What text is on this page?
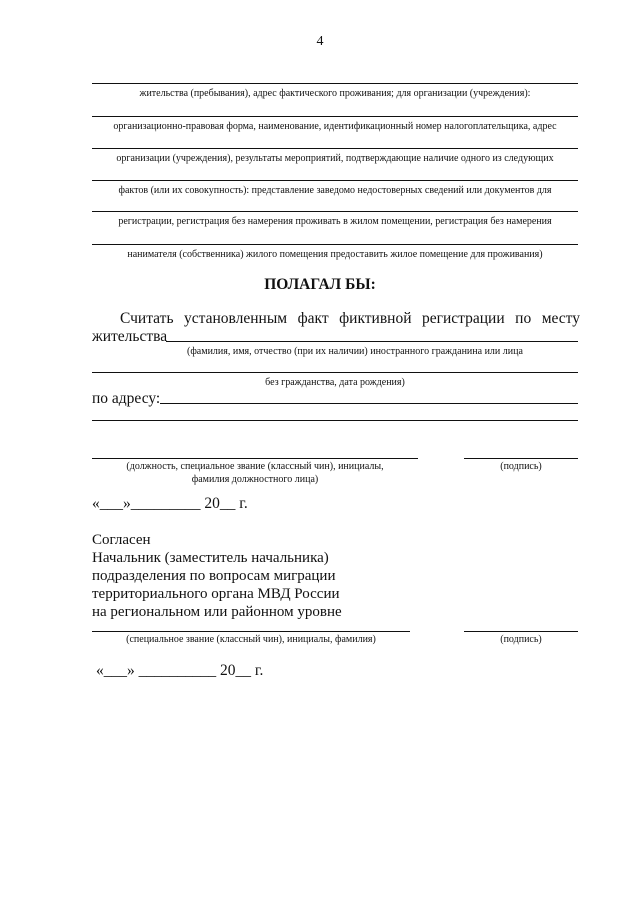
4
жительства (пребывания), адрес фактического проживания; для организации (учреждения):
организационно-правовая форма, наименование, идентификационный номер налогоплательщика, адрес
организации (учреждения), результаты мероприятий, подтверждающие наличие одного из следующих
фактов (или их совокупность): представление заведомо недостоверных сведений или документов для
регистрации, регистрация без намерения проживать в жилом помещении, регистрация без намерения
нанимателя (собственника) жилого помещения предоставить жилое помещение для проживания)
ПОЛАГАЛ БЫ:
Считать установленным факт фиктивной регистрации по месту
жительства
(фамилия, имя, отчество (при их наличии) иностранного гражданина или лица
без гражданства, дата рождения)
по адресу:
(должность, специальное звание (классный чин), инициалы,
фамилия должностного лица)
(подпись)
«___»_________ 20__ г.
Согласен
Начальник (заместитель начальника)
подразделения по вопросам миграции
территориального органа МВД России
на региональном или районном уровне
(специальное звание (классный чин), инициалы, фамилия)	(подпись)
«___» __________ 20__ г.
